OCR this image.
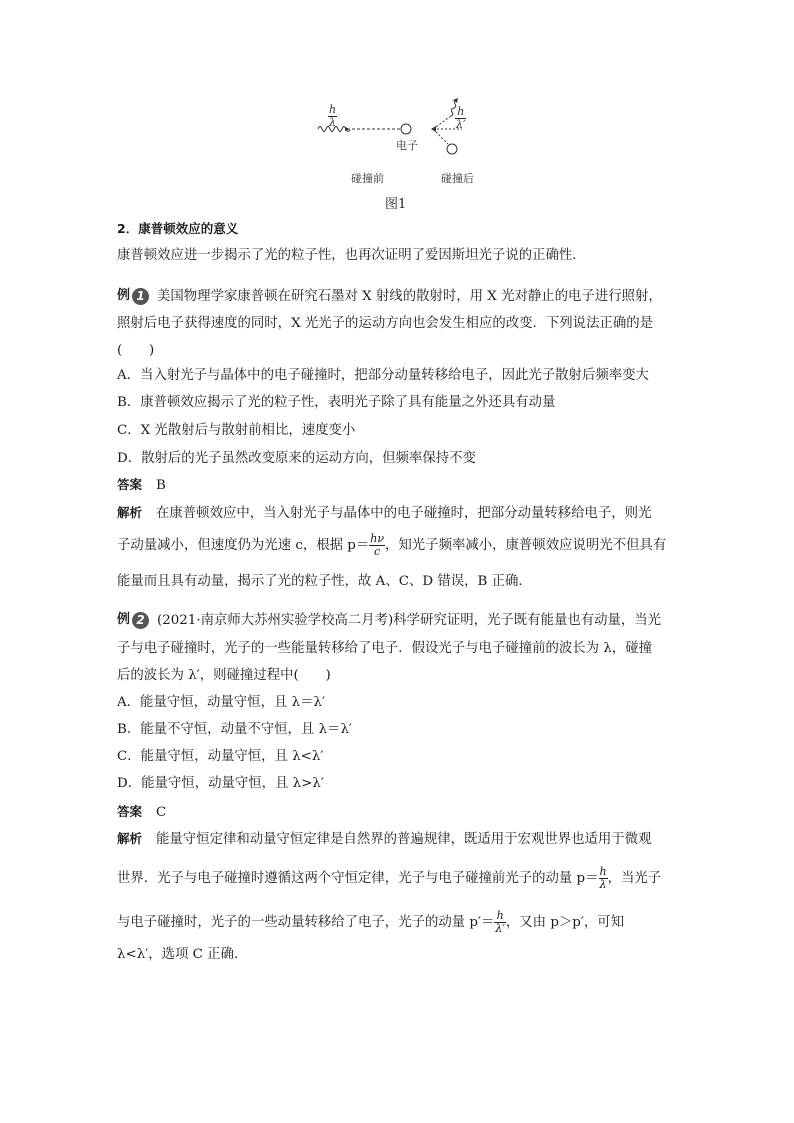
$\frac{h}{\lambda}$	$\frac{h}{\lambda'}$
电子
碰撞前	碰撞后
图1
2．康普顿效应的意义
康普顿效应进一步揭示了光的粒子性，也再次证明了爱因斯坦光子说的正确性．
例 1 美国物理学家康普顿在研究石墨对 X 射线的散射时，用 X 光对静止的电子进行照射，
照射后电子获得速度的同时，X 光光子的运动方向也会发生相应的改变．下列说法正确的是
(　　)
A．当入射光子与晶体中的电子碰撞时，把部分动量转移给电子，因此光子散射后频率变大
B．康普顿效应揭示了光的粒子性，表明光子除了具有能量之外还具有动量
C．X 光散射后与散射前相比，速度变小
D．散射后的光子虽然改变原来的运动方向，但频率保持不变
答案 B
解析 在康普顿效应中，当入射光子与晶体中的电子碰撞时，把部分动量转移给电子，则光
子动量减小，但速度仍为光速 c，根据 $p= \frac{h\nu}{c}$ ，知光子频率减小，康普顿效应说明光不但具有
能量而且具有动量，揭示了光的粒子性，故 A、C、D 错误，B 正确．
例 2 (2021·南京师大苏州实验学校高二月考)科学研究证明，光子既有能量也有动量，当光
子与电子碰撞时，光子的一些能量转移给了电子．假设光子与电子碰撞前的波长为 λ，碰撞
后的波长为 λ′，则碰撞过程中(　　)
A．能量守恒，动量守恒，且 λ＝λ′
B．能量不守恒，动量不守恒，且 λ＝λ′
C．能量守恒，动量守恒，且 λ<λ′
D．能量守恒，动量守恒，且 λ>λ′
答案 C
解析 能量守恒定律和动量守恒定律是自然界的普遍规律，既适用于宏观世界也适用于微观
世界．光子与电子碰撞时遵循这两个守恒定律，光子与电子碰撞前光子的动量 $p= \frac{h}{\lambda}$ ，当光子
与电子碰撞时，光子的一些动量转移给了电子，光子的动量 $p'= \frac{h}{\lambda'}$ ，又由 p＞p′，可知
λ<λ′，选项 C 正确．
